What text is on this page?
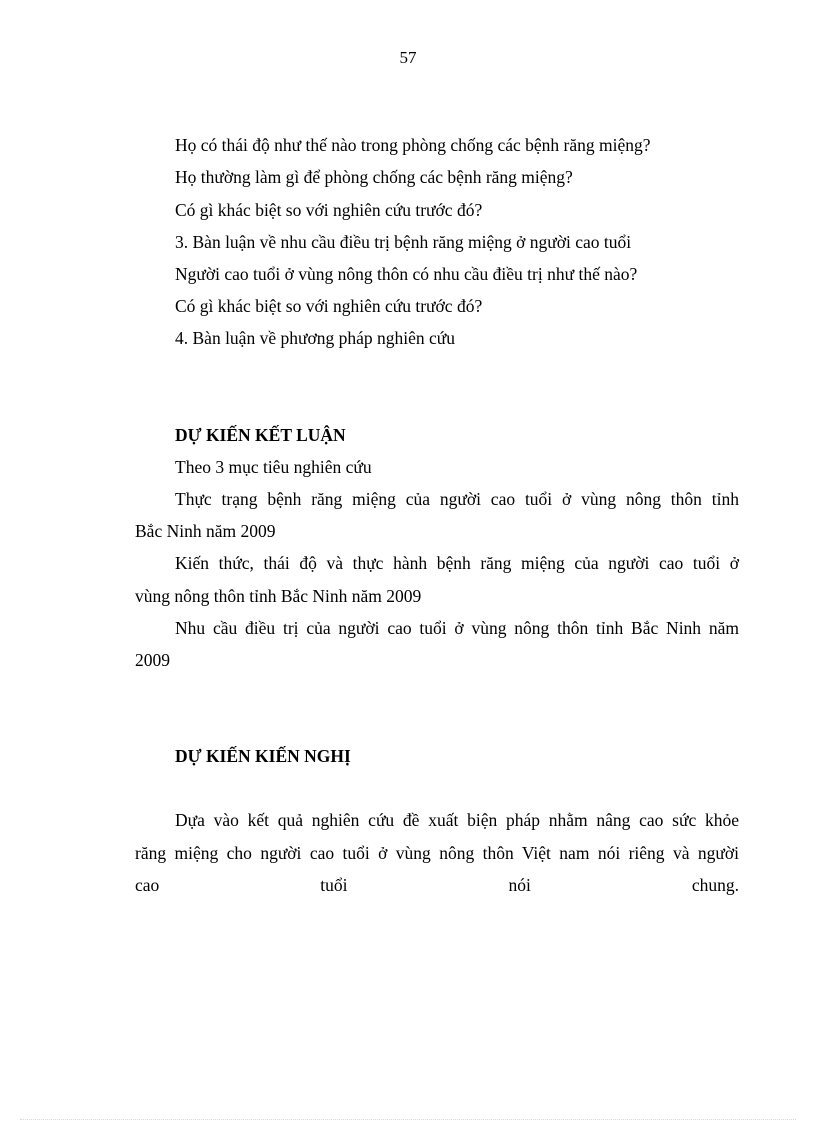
57
Họ có thái độ như thế nào trong phòng chống các bệnh răng miệng?
Họ thường làm gì để phòng chống các bệnh răng miệng?
Có gì khác biệt so với nghiên cứu trước đó?
3. Bàn luận về nhu cầu điều trị bệnh răng miệng ở người cao tuổi
Người cao tuổi ở vùng nông thôn có nhu cầu điều trị như thế nào?
Có gì khác biệt so với nghiên cứu trước đó?
4. Bàn luận về phương pháp nghiên cứu
DỰ KIẾN KẾT LUẬN
Theo 3 mục tiêu nghiên cứu
Thực trạng bệnh răng miệng của người cao tuổi ở vùng nông thôn tỉnh
Bắc Ninh năm 2009
Kiến thức, thái độ và thực hành bệnh răng miệng của người cao tuổi ở
vùng nông thôn tỉnh Bắc Ninh năm 2009
Nhu cầu điều trị của người cao tuổi ở vùng nông thôn tỉnh Bắc Ninh năm
2009
DỰ KIẾN KIẾN NGHỊ
Dựa vào kết quả nghiên cứu đề xuất biện pháp nhằm nâng cao sức khỏe
răng miệng cho người cao tuổi ở vùng nông thôn Việt nam nói riêng và người
cao tuổi nói chung.
